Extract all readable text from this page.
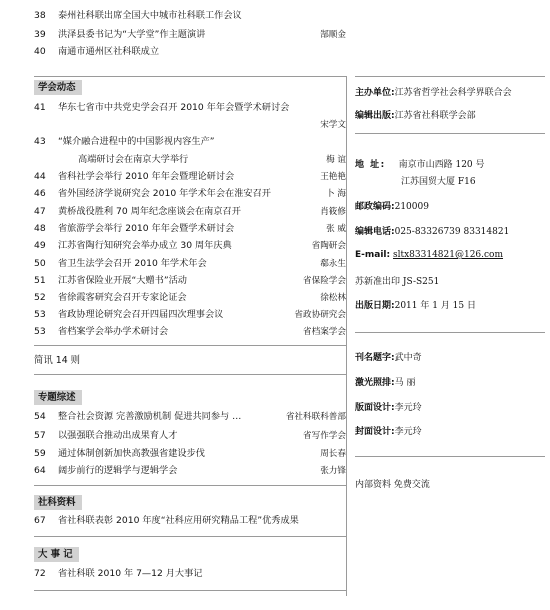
38	泰州社科联出席全国大中城市社科联工作会议
39	洪泽县委书记为“大学堂”作主题演讲	郜顺金
40	南通市通州区社科联成立
学会动态
41	华东七省市中共党史学会召开 2010 年年会暨学术研讨会
宋学文
43	“媒介融合进程中的中国影视内容生产”
高端研讨会在南京大学举行	梅 谊
44	省科社学会举行 2010 年年会暨理论研讨会	王艳艳
46	省外国经济学说研究会 2010 年学术年会在淮安召开	卜 海
47	黄桥战役胜利 70 周年纪念座谈会在南京召开	肖筱修
48	省旅游学会举行 2010 年年会暨学术研讨会	张 威
49	江苏省陶行知研究会举办成立 30 周年庆典	省陶研会
50	省卫生法学会召开 2010 年学术年会	郗永生
51	江苏省保险业开展“大赠书”活动	省保险学会
52	省徐霞客研究会召开专家论证会	徐松林
53	省政协理论研究会召开四届四次理事会议	省政协研究会
53	省档案学会举办学术研讨会	省档案学会
简讯 14 则
专题综述
54	整合社会资源 完善激励机制 促进共同参与 …	省社科联科普部
57	以强强联合推动出成果育人才	省写作学会
59	通过体制创新加快高教强省建设步伐	周长春
64	阔步前行的逻辑学与逻辑学会	张力锋
社科资料
67	省社科联表彰 2010 年度“社科应用研究精品工程”优秀成果
大 事 记
72	省社科联 2010 年 7—12 月大事记
主办单位:江苏省哲学社会科学界联合会
编辑出版:江苏省社科联学会部
地 址: 南京市山西路 120 号
江苏国贸大厦 F16
邮政编码:210009
编辑电话:025-83326739 83314821
E-mail: sltx83314821@126.com
苏新准出印 JS-S251
出版日期:2011 年 1 月 15 日
刊名题字:武中奇
激光照排:马 丽
版面设计:李元玲
封面设计:李元玲
内部资料 免费交流
